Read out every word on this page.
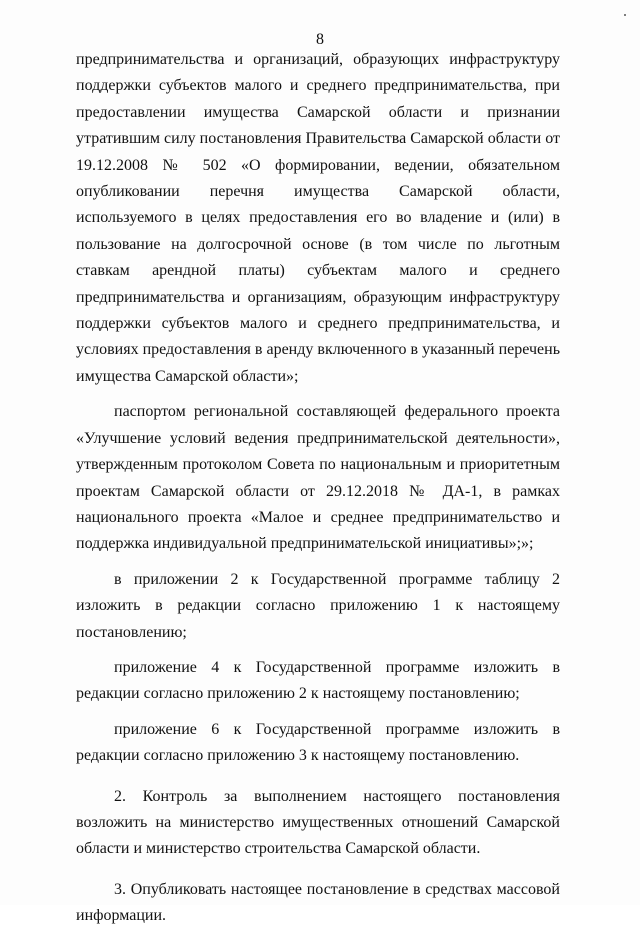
8

предпринимательства и организаций, образующих инфраструктуру поддержки субъектов малого и среднего предпринимательства, при предоставлении имущества Самарской области и признании утратившим силу постановления Правительства Самарской области от 19.12.2008 № 502 «О формировании, ведении, обязательном опубликовании перечня имущества Самарской области, используемого в целях предоставления его во владение и (или) в пользование на долгосрочной основе (в том числе по льготным ставкам арендной платы) субъектам малого и среднего предпринимательства и организациям, образующим инфраструктуру поддержки субъектов малого и среднего предпринимательства, и условиях предоставления в аренду включенного в указанный перечень имущества Самарской области»;

паспортом региональной составляющей федерального проекта «Улучшение условий ведения предпринимательской деятельности», утвержденным протоколом Совета по национальным и приоритетным проектам Самарской области от 29.12.2018 № ДА-1, в рамках национального проекта «Малое и среднее предпринимательство и поддержка индивидуальной предпринимательской инициативы»;»;

в приложении 2 к Государственной программе таблицу 2 изложить в редакции согласно приложению 1 к настоящему постановлению;

приложение 4 к Государственной программе изложить в редакции согласно приложению 2 к настоящему постановлению;

приложение 6 к Государственной программе изложить в редакции согласно приложению 3 к настоящему постановлению.

2. Контроль за выполнением настоящего постановления возложить на министерство имущественных отношений Самарской области и министерство строительства Самарской области.

3. Опубликовать настоящее постановление в средствах массовой информации.
